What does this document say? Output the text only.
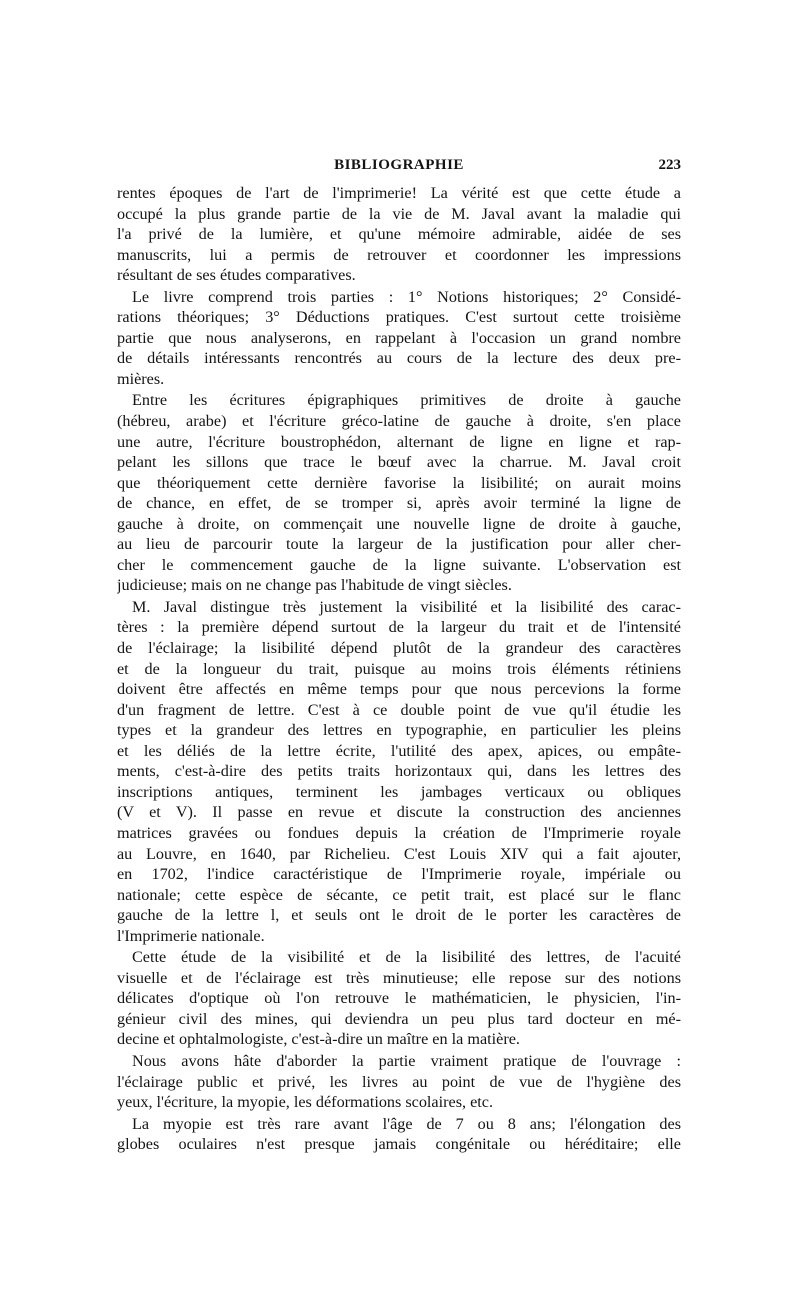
BIBLIOGRAPHIE	223
rentes époques de l'art de l'imprimerie! La vérité est que cette étude a
occupé la plus grande partie de la vie de M. Javal avant la maladie qui
l'a privé de la lumière, et qu'une mémoire admirable, aidée de ses
manuscrits, lui a permis de retrouver et coordonner les impressions
résultant de ses études comparatives.
Le livre comprend trois parties : 1° Notions historiques; 2° Considé-
rations théoriques; 3° Déductions pratiques. C'est surtout cette troisième
partie que nous analyserons, en rappelant à l'occasion un grand nombre
de détails intéressants rencontrés au cours de la lecture des deux pre-
mières.
Entre les écritures épigraphiques primitives de droite à gauche
(hébreu, arabe) et l'écriture gréco-latine de gauche à droite, s'en place
une autre, l'écriture boustrophédon, alternant de ligne en ligne et rap-
pelant les sillons que trace le bœuf avec la charrue. M. Javal croit
que théoriquement cette dernière favorise la lisibilité; on aurait moins
de chance, en effet, de se tromper si, après avoir terminé la ligne de
gauche à droite, on commençait une nouvelle ligne de droite à gauche,
au lieu de parcourir toute la largeur de la justification pour aller cher-
cher le commencement gauche de la ligne suivante. L'observation est
judicieuse; mais on ne change pas l'habitude de vingt siècles.
M. Javal distingue très justement la visibilité et la lisibilité des carac-
tères : la première dépend surtout de la largeur du trait et de l'intensité
de l'éclairage; la lisibilité dépend plutôt de la grandeur des caractères
et de la longueur du trait, puisque au moins trois éléments rétiniens
doivent être affectés en même temps pour que nous percevions la forme
d'un fragment de lettre. C'est à ce double point de vue qu'il étudie les
types et la grandeur des lettres en typographie, en particulier les pleins
et les déliés de la lettre écrite, l'utilité des apex, apices, ou empâte-
ments, c'est-à-dire des petits traits horizontaux qui, dans les lettres des
inscriptions antiques, terminent les jambages verticaux ou obliques
(V et V). Il passe en revue et discute la construction des anciennes
matrices gravées ou fondues depuis la création de l'Imprimerie royale
au Louvre, en 1640, par Richelieu. C'est Louis XIV qui a fait ajouter,
en 1702, l'indice caractéristique de l'Imprimerie royale, impériale ou
nationale; cette espèce de sécante, ce petit trait, est placé sur le flanc
gauche de la lettre l, et seuls ont le droit de le porter les caractères de
l'Imprimerie nationale.
Cette étude de la visibilité et de la lisibilité des lettres, de l'acuité
visuelle et de l'éclairage est très minutieuse; elle repose sur des notions
délicates d'optique où l'on retrouve le mathématicien, le physicien, l'in-
génieur civil des mines, qui deviendra un peu plus tard docteur en mé-
decine et ophtalmologiste, c'est-à-dire un maître en la matière.
Nous avons hâte d'aborder la partie vraiment pratique de l'ouvrage :
l'éclairage public et privé, les livres au point de vue de l'hygiène des
yeux, l'écriture, la myopie, les déformations scolaires, etc.
La myopie est très rare avant l'âge de 7 ou 8 ans; l'élongation des
globes oculaires n'est presque jamais congénitale ou héréditaire; elle
